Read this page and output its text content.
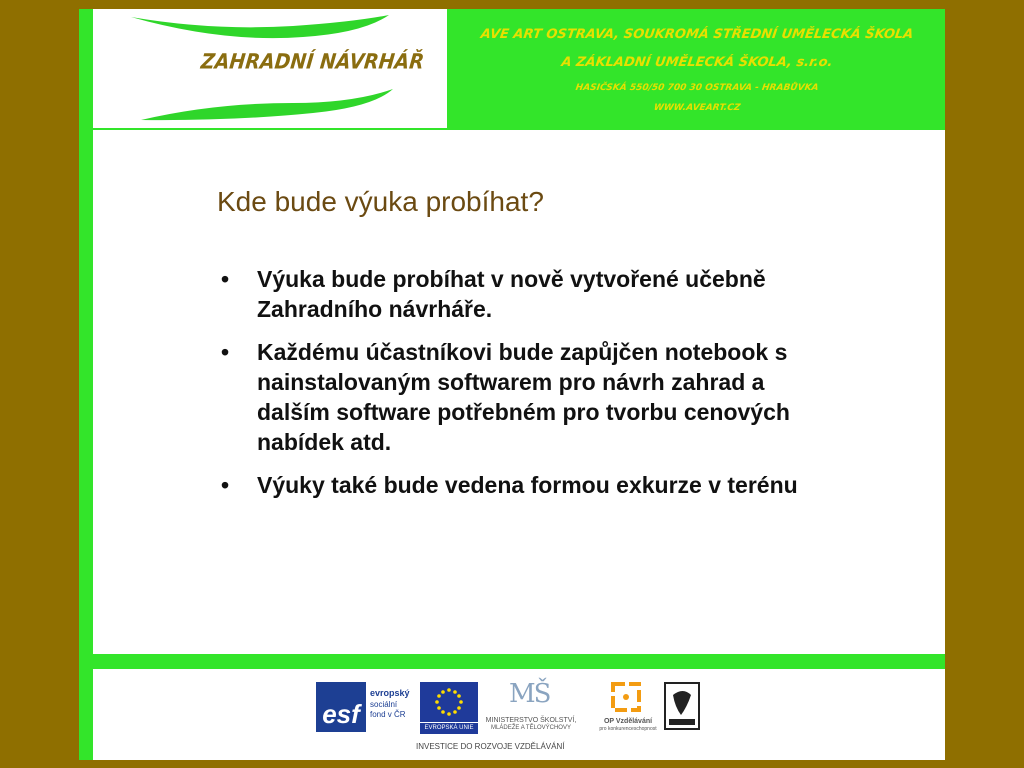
ZAHRADNÍ NÁVRHÁŘ
AVE ART OSTRAVA, SOUKROMÁ STŘEDNÍ UMĚLECKÁ ŠKOLA
A ZÁKLADNÍ UMĚLECKÁ ŠKOLA, s.r.o.
HASIČSKÁ 550/50 700 30 OSTRAVA - HRABŮVKA
WWW.AVEART.CZ
Kde bude výuka probíhat?
• Výuka bude probíhat v nově vytvořené učebně Zahradního návrháře.
• Každému účastníkovi bude zapůjčen notebook s nainstalovaným softwarem pro návrh zahrad a dalším software potřebném pro tvorbu cenových nabídek atd.
• Výuky také bude vedena formou exkurze v terénu
esf
evropský
sociální
fond v ČR
EVROPSKÁ UNIE
MŠ
MINISTERSTVO ŠKOLSTVÍ,
MLÁDEŽE A TĚLOVÝCHOVY
OP Vzdělávání
pro konkurenceschopnost
INVESTICE DO ROZVOJE VZDĚLÁVÁNÍ
